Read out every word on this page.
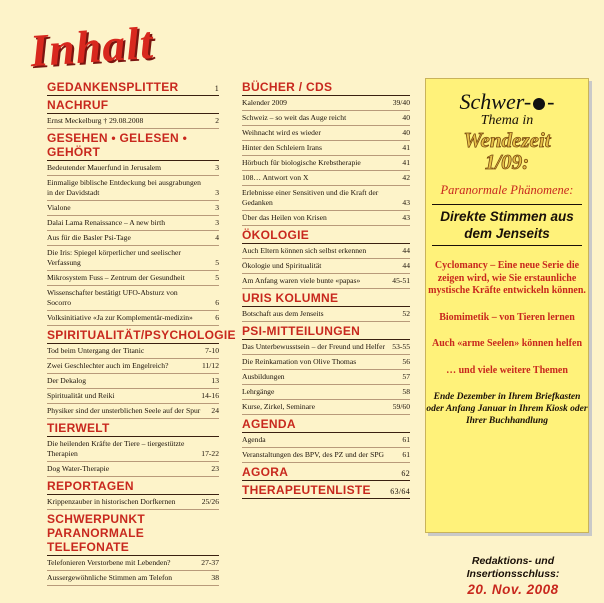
Inhalt
GEDANKENSPLITTER	1
NACHRUF
Ernst Meckelburg † 29.08.2008	2
GESEHEN • GELESEN • GEHÖRT
Bedeutender Mauerfund in Jerusalem	3
Einmalige biblische Entdeckung bei ausgrabungen in der Davidstadt	3
Vialone	3
Dalai Lama Renaissance – A new birth	3
Aus für die Basler Psi-Tage	4
Die Iris: Spiegel körperlicher und seelischer Verfassung	5
Mikrosystem Fuss – Zentrum der Gesundheit	5
Wissenschafter bestätigt UFO-Absturz von Socorro	6
Volksinitiative «Ja zur Komplementär-medizin»	6
SPIRITUALITÄT/PSYCHOLOGIE
Tod beim Untergang der Titanic	7-10
Zwei Geschlechter auch im Engelreich?	11/12
Der Dekalog	13
Spiritualität und Reiki	14-16
Physiker sind der unsterblichen Seele auf der Spur 24
TIERWELT
Die heilenden Kräfte der Tiere – tiergestützte Therapien	17-22
Dog Water-Therapie	23
REPORTAGEN
Krippenzauber in historischen Dorfkernen	25/26
SCHWERPUNKT PARANORMALE TELEFONATE
Telefonieren Verstorbene mit Lebenden?	27-37
Aussergewöhnliche Stimmen am Telefon	38
BÜCHER / CDS
Kalender 2009	39/40
Schweiz – so weit das Auge reicht	40
Weihnacht wird es wieder	40
Hinter den Schleiern Irans	41
Hörbuch für biologische Krebstherapie	41
108… Antwort von X	42
Erlebnisse einer Sensitiven und die Kraft der Gedanken	43
Über das Heilen von Krisen	43
ÖKOLOGIE
Auch Eltern können sich selbst erkennen	44
Ökologie und Spiritualität	44
Am Anfang waren viele bunte «papas»	45-51
URIS KOLUMNE
Botschaft aus dem Jenseits	52
PSI-MITTEILUNGEN
Das Unterbewusstsein – der Freund und Helfer 53-55
Die Reinkarnation von Olive Thomas	56
Ausbildungen	57
Lehrgänge	58
Kurse, Zirkel, Seminare	59/60
AGENDA
Agenda	61
Veranstaltungen des BPV, des PZ und der SPG 61
AGORA	62
THERAPEUTENLISTE 63/64
Schwer- -
Thema in
Wendezeit
1/09:
Paranormale Phänomene:
Direkte Stimmen aus dem Jenseits
Cyclomancy – Eine neue Serie die zeigen wird, wie Sie erstaunliche mystische Kräfte entwickeln können.
Biomimetik – von Tieren lernen
Auch «arme Seelen» können helfen
… und viele weitere Themen
Ende Dezember in Ihrem Briefkasten oder Anfang Januar in Ihrem Kiosk oder Ihrer Buchhandlung
Redaktions- und Insertionsschluss:
20. Nov. 2008
